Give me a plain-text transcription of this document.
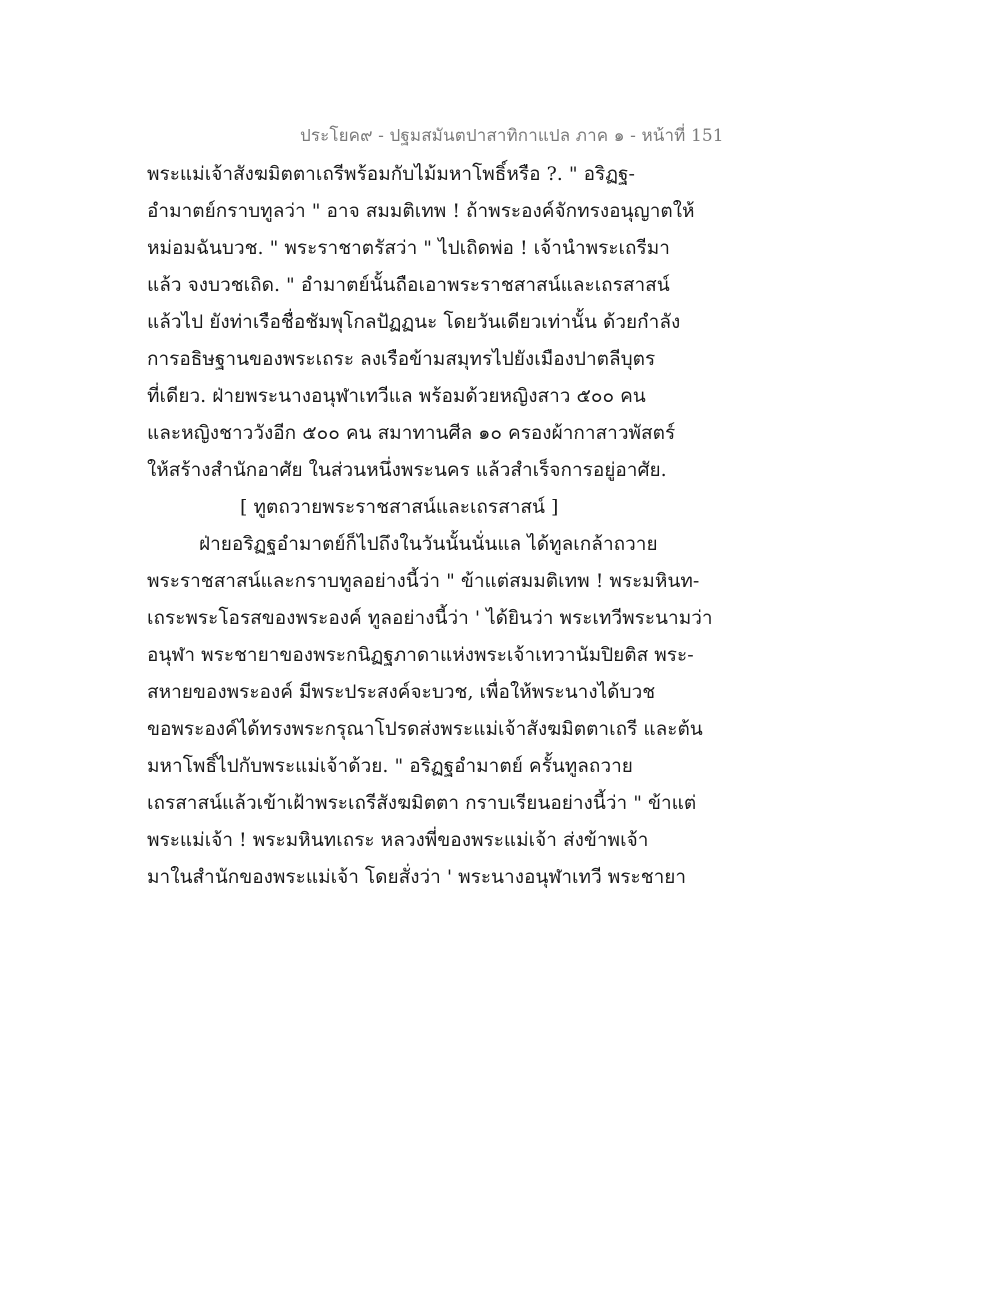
ประโยค๙ - ปฐมสมันตปาสาทิกาแปล ภาค ๑ - หน้าที่ 151
พระแม่เจ้าสังฆมิตตาเถรีพร้อมกับไม้มหาโพธิ์หรือ ?. " อริฏฐ-
อำมาตย์กราบทูลว่า " อาจ สมมติเทพ ! ถ้าพระองค์จักทรงอนุญาตให้
หม่อมฉันบวช. " พระราชาตรัสว่า " ไปเถิดพ่อ ! เจ้านำพระเถรีมา
แล้ว จงบวชเถิด. " อำมาตย์นั้นถือเอาพระราชสาสน์และเถรสาสน์
แล้วไป ยังท่าเรือชื่อชัมพุโกลปัฏฏนะ โดยวันเดียวเท่านั้น ด้วยกำลัง
การอธิษฐานของพระเถระ ลงเรือข้ามสมุทรไปยังเมืองปาตลีบุตร
ที่เดียว. ฝ่ายพระนางอนุฬาเทวีแล พร้อมด้วยหญิงสาว ๕๐๐ คน
และหญิงชาววังอีก ๕๐๐ คน สมาทานศีล ๑๐ ครองผ้ากาสาวพัสตร์
ให้สร้างสำนักอาศัย ในส่วนหนึ่งพระนคร แล้วสำเร็จการอยู่อาศัย.
[ ทูตถวายพระราชสาสน์และเถรสาสน์ ]
ฝ่ายอริฏฐอำมาตย์ก็ไปถึงในวันนั้นนั่นแล ได้ทูลเกล้าถวาย
พระราชสาสน์และกราบทูลอย่างนี้ว่า " ข้าแต่สมมติเทพ ! พระมหินท-
เถระพระโอรสของพระองค์ ทูลอย่างนี้ว่า ' ได้ยินว่า พระเทวีพระนามว่า
อนุฬา พระชายาของพระกนิฏฐภาดาแห่งพระเจ้าเทวานัมปิยติส พระ-
สหายของพระองค์ มีพระประสงค์จะบวช, เพื่อให้พระนางได้บวช
ขอพระองค์ได้ทรงพระกรุณาโปรดส่งพระแม่เจ้าสังฆมิตตาเถรี และต้น
มหาโพธิ์ไปกับพระแม่เจ้าด้วย. " อริฏฐอำมาตย์ ครั้นทูลถวาย
เถรสาสน์แล้วเข้าเฝ้าพระเถรีสังฆมิตตา กราบเรียนอย่างนี้ว่า " ข้าแต่
พระแม่เจ้า ! พระมหินทเถระ หลวงพี่ของพระแม่เจ้า ส่งข้าพเจ้า
มาในสำนักของพระแม่เจ้า โดยสั่งว่า ' พระนางอนุฬาเทวี พระชายา
